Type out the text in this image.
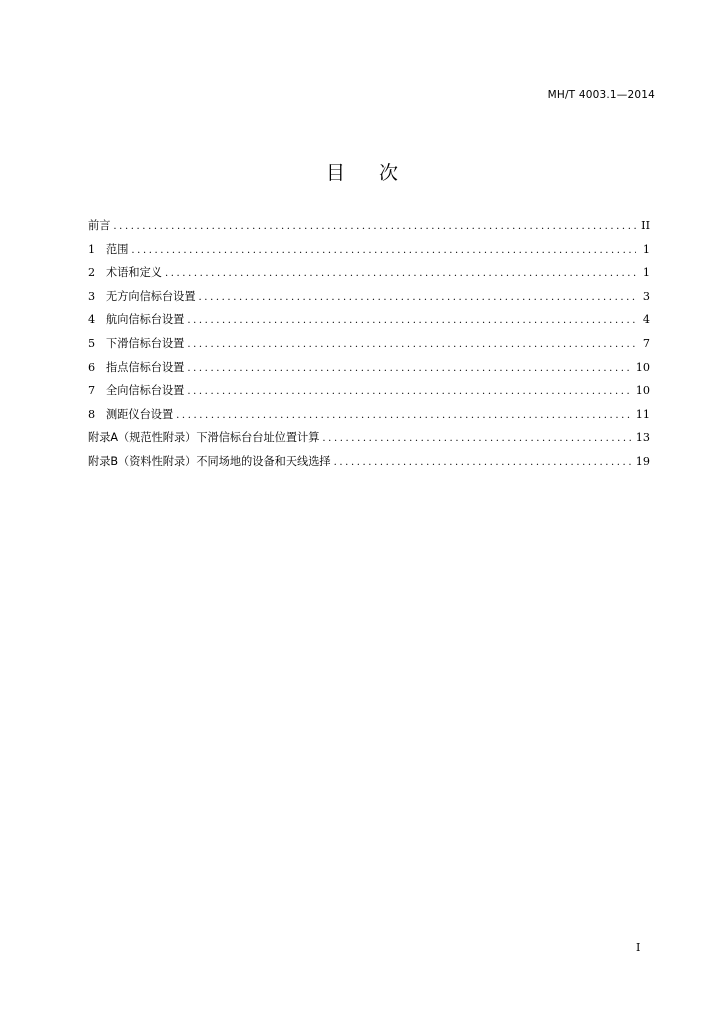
MH/T 4003.1—2014
目 次
前言 .....	II
1 范围 .....	1
2 术语和定义 .....	1
3 无方向信标台设置 .....	3
4 航向信标台设置 .....	4
5 下滑信标台设置 .....	7
6 指点信标台设置 .....	10
7 全向信标台设置 .....	10
8 测距仪台设置 .....	11
附录A（规范性附录）下滑信标台台址位置计算 .....	13
附录B（资料性附录）不同场地的设备和天线选择 .....	19
I
